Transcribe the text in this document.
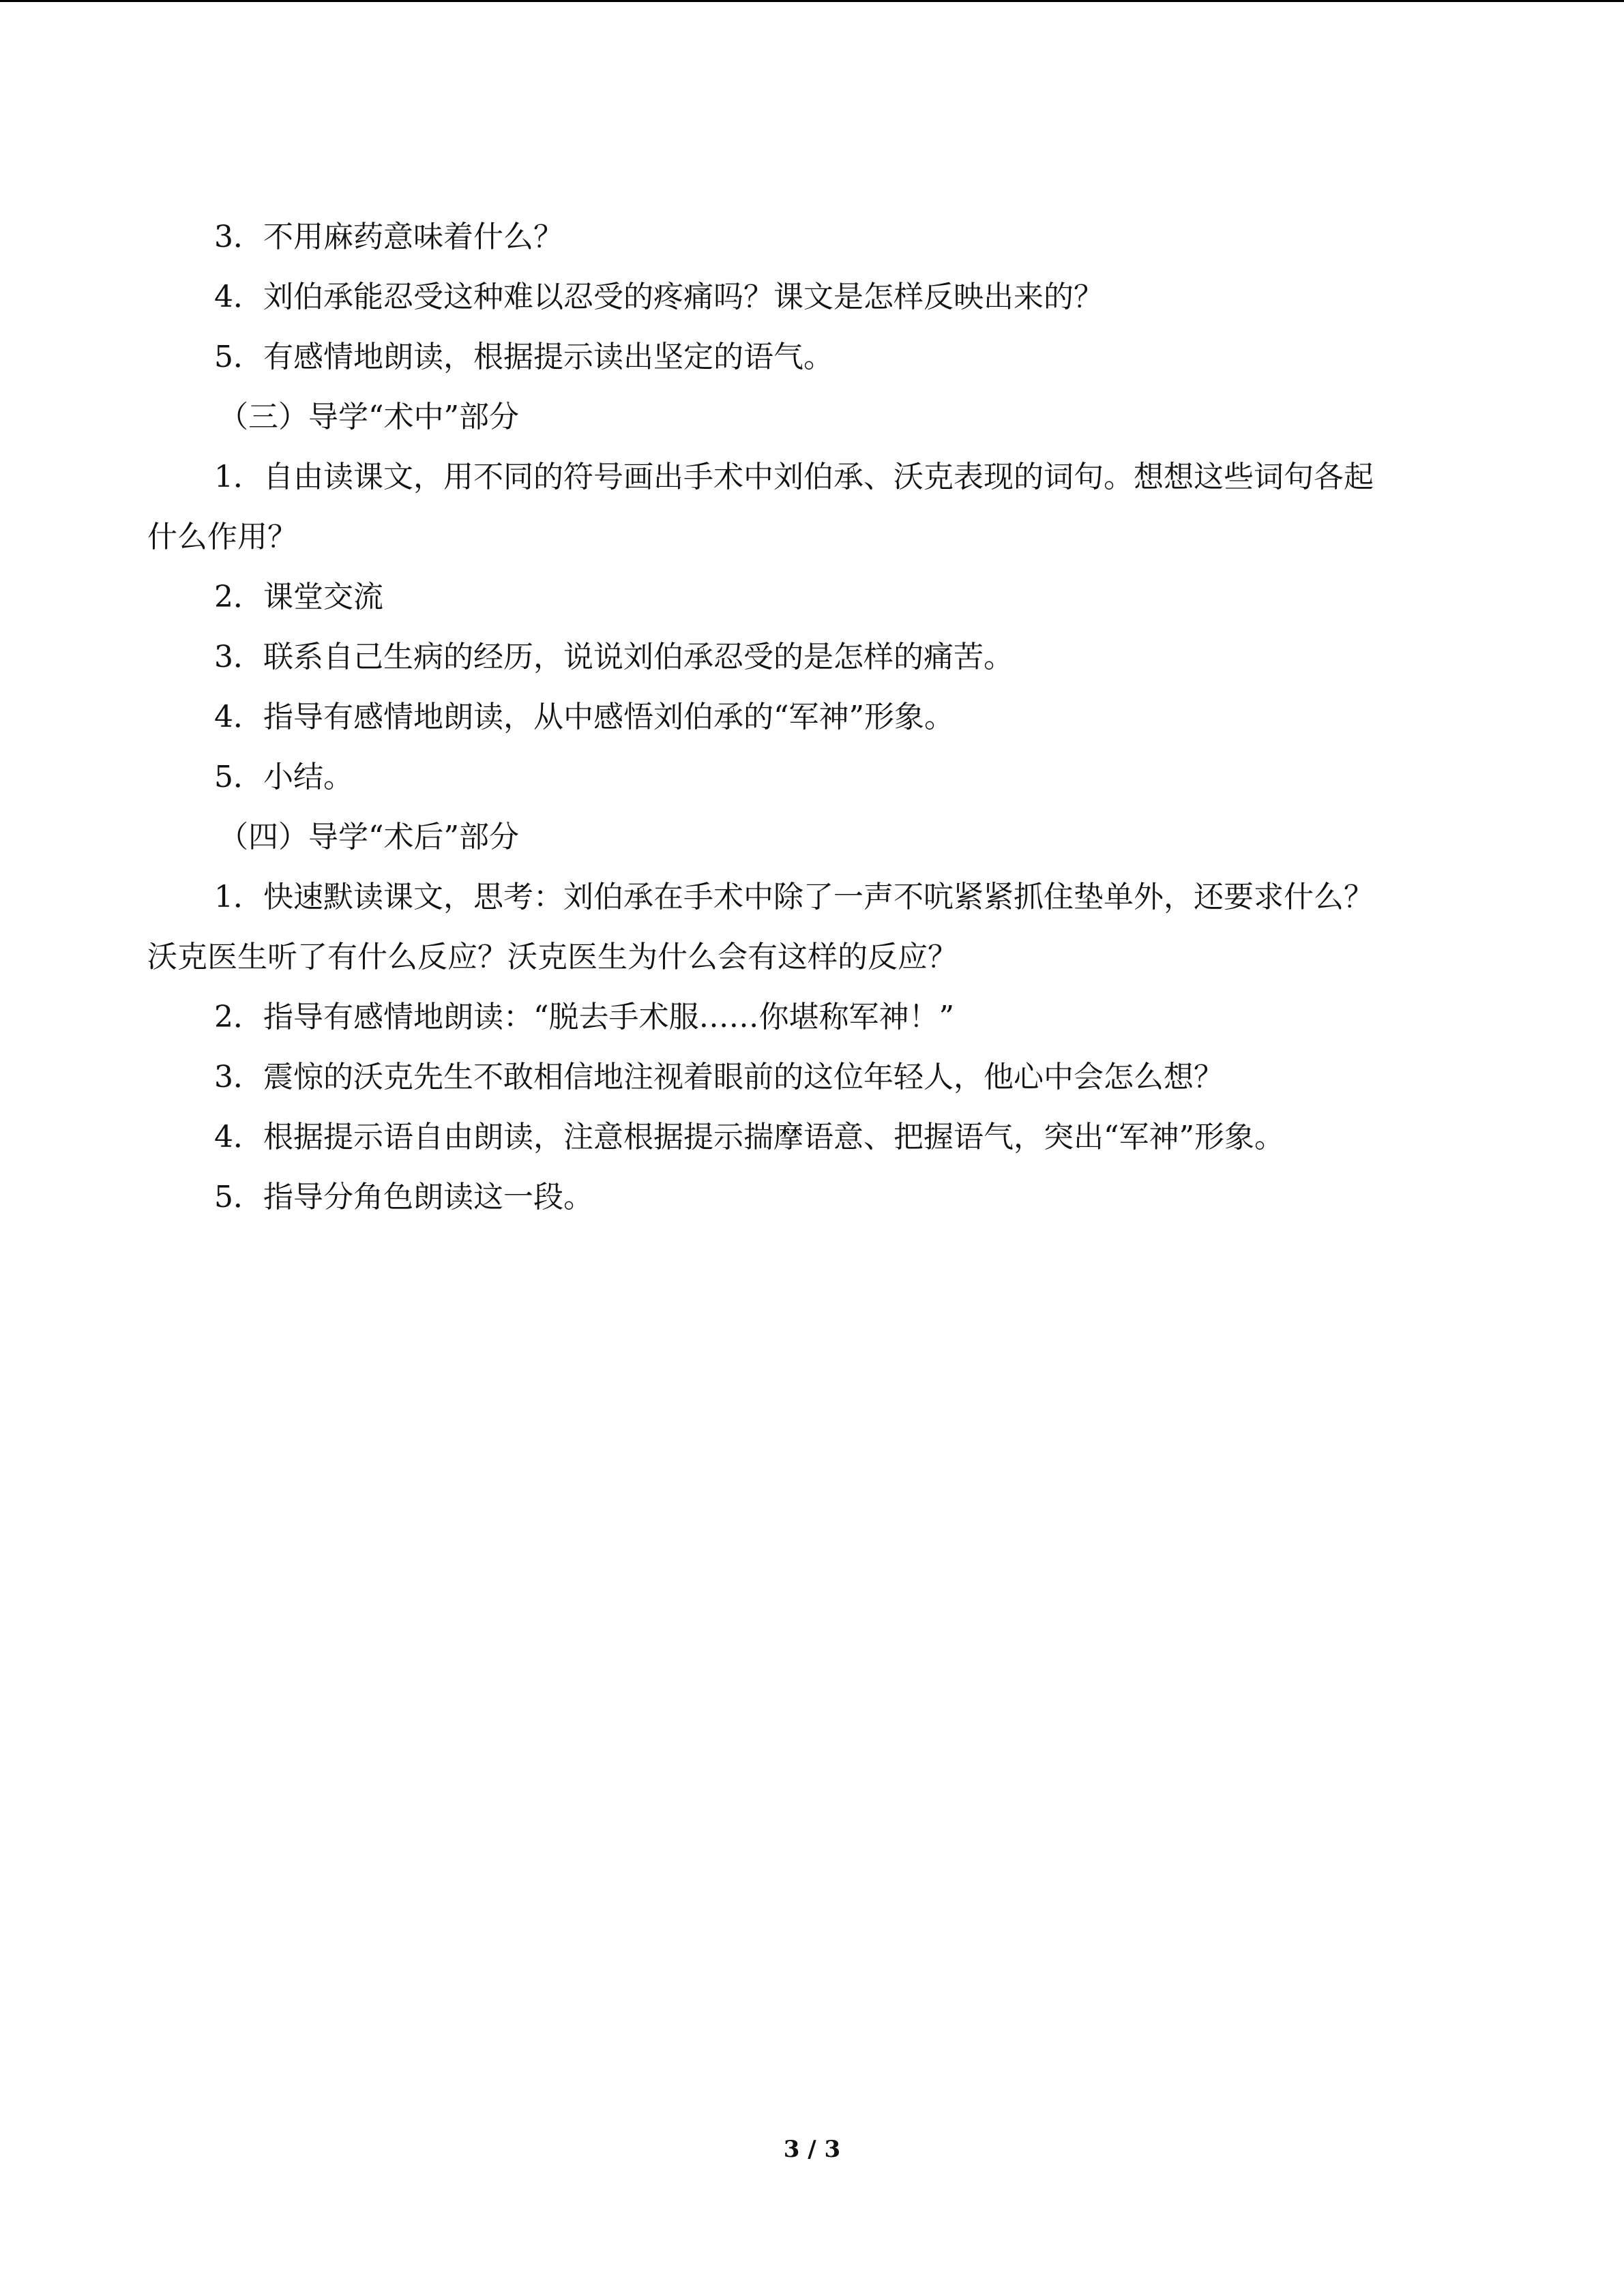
3．不用麻药意味着什么？
4．刘伯承能忍受这种难以忍受的疼痛吗？课文是怎样反映出来的？
5．有感情地朗读，根据提示读出坚定的语气。
（三）导学“术中”部分
1．自由读课文，用不同的符号画出手术中刘伯承、沃克表现的词句。想想这些词句各起
什么作用？
2．课堂交流
3．联系自己生病的经历，说说刘伯承忍受的是怎样的痛苦。
4．指导有感情地朗读，从中感悟刘伯承的“军神”形象。
5．小结。
（四）导学“术后”部分
1．快速默读课文，思考：刘伯承在手术中除了一声不吭紧紧抓住垫单外，还要求什么？
沃克医生听了有什么反应？沃克医生为什么会有这样的反应？
2．指导有感情地朗读：“脱去手术服……你堪称军神！”
3．震惊的沃克先生不敢相信地注视着眼前的这位年轻人，他心中会怎么想？
4．根据提示语自由朗读，注意根据提示揣摩语意、把握语气，突出“军神”形象。
5．指导分角色朗读这一段。
3 / 3
